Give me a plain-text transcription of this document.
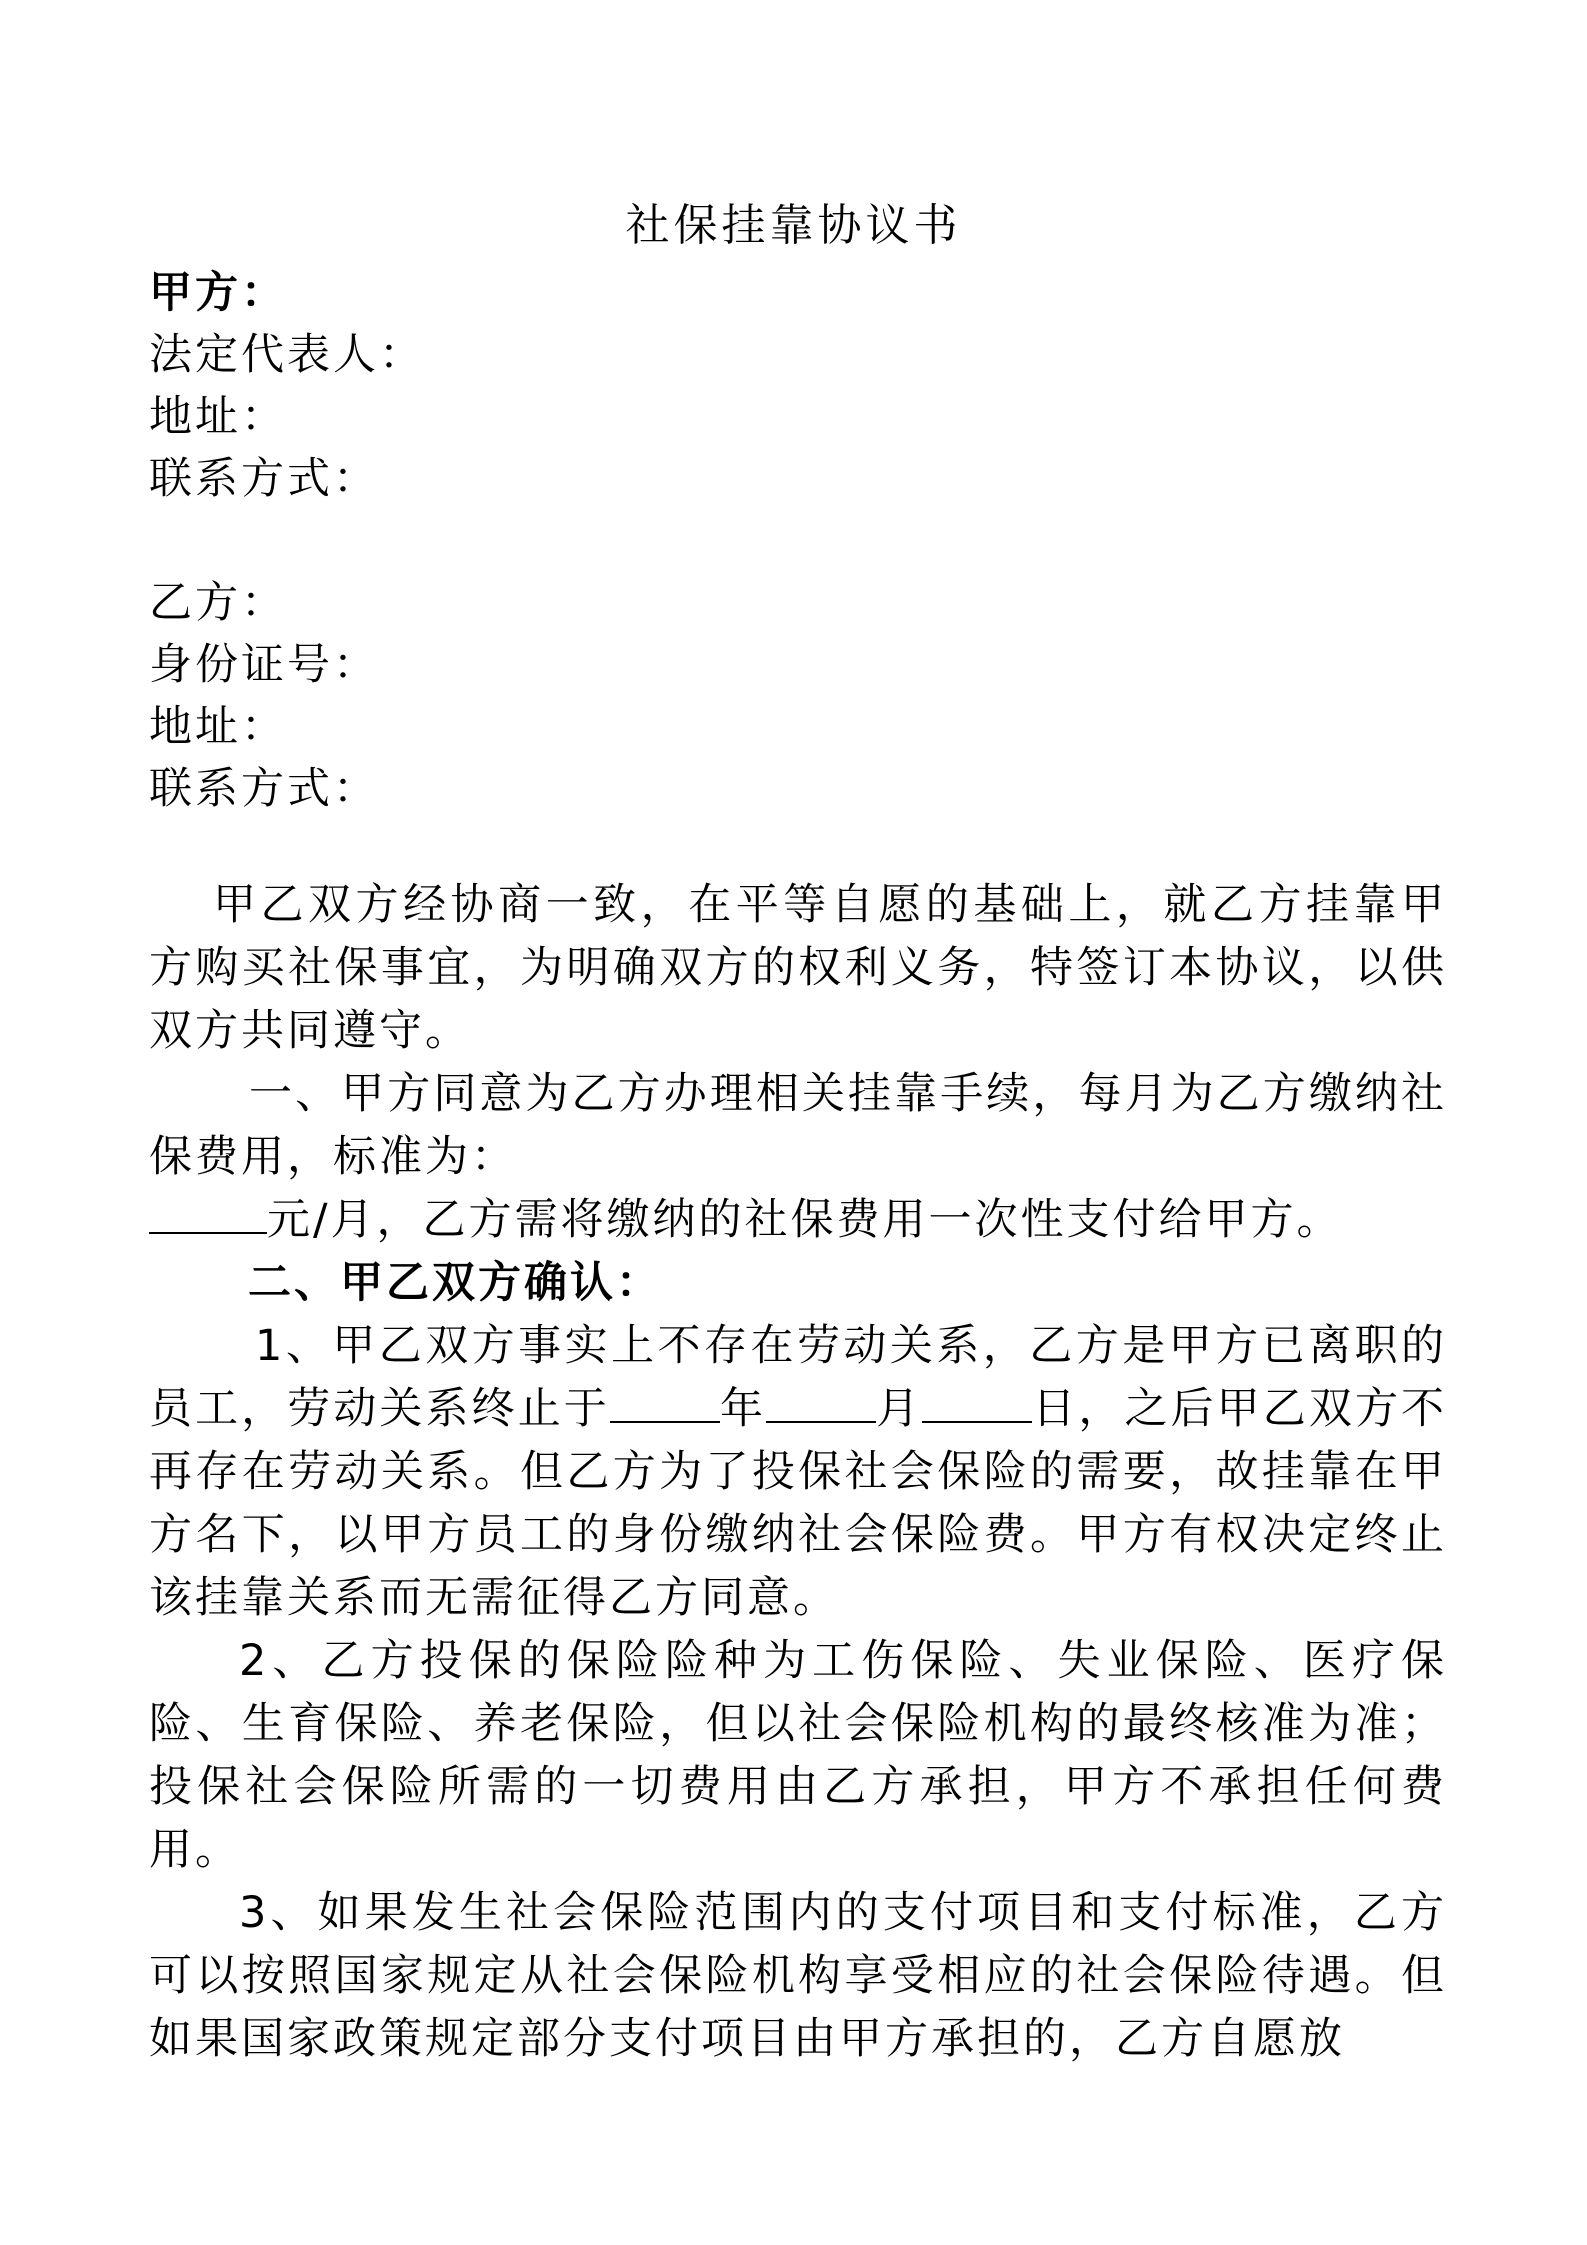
社保挂靠协议书
甲方：
法定代表人：
地址：
联系方式：
乙方：
身份证号：
地址：
联系方式：
甲乙双方经协商一致，在平等自愿的基础上，就乙方挂靠甲方购买社保事宜，为明确双方的权利义务，特签订本协议，以供双方共同遵守。
一、甲方同意为乙方办理相关挂靠手续，每月为乙方缴纳社保费用，标准为：
元/月，乙方需将缴纳的社保费用一次性支付给甲方。
二、甲乙双方确认：
1、甲乙双方事实上不存在劳动关系，乙方是甲方已离职的员工，劳动关系终止于	年	月	日，之后甲乙双方不再存在劳动关系。但乙方为了投保社会保险的需要，故挂靠在甲方名下，以甲方员工的身份缴纳社会保险费。甲方有权决定终止该挂靠关系而无需征得乙方同意。
2、乙方投保的保险险种为工伤保险、失业保险、医疗保险、生育保险、养老保险，但以社会保险机构的最终核准为准；投保社会保险所需的一切费用由乙方承担，甲方不承担任何费用。
3、如果发生社会保险范围内的支付项目和支付标准，乙方可以按照国家规定从社会保险机构享受相应的社会保险待遇。但如果国家政策规定部分支付项目由甲方承担的，乙方自愿放
